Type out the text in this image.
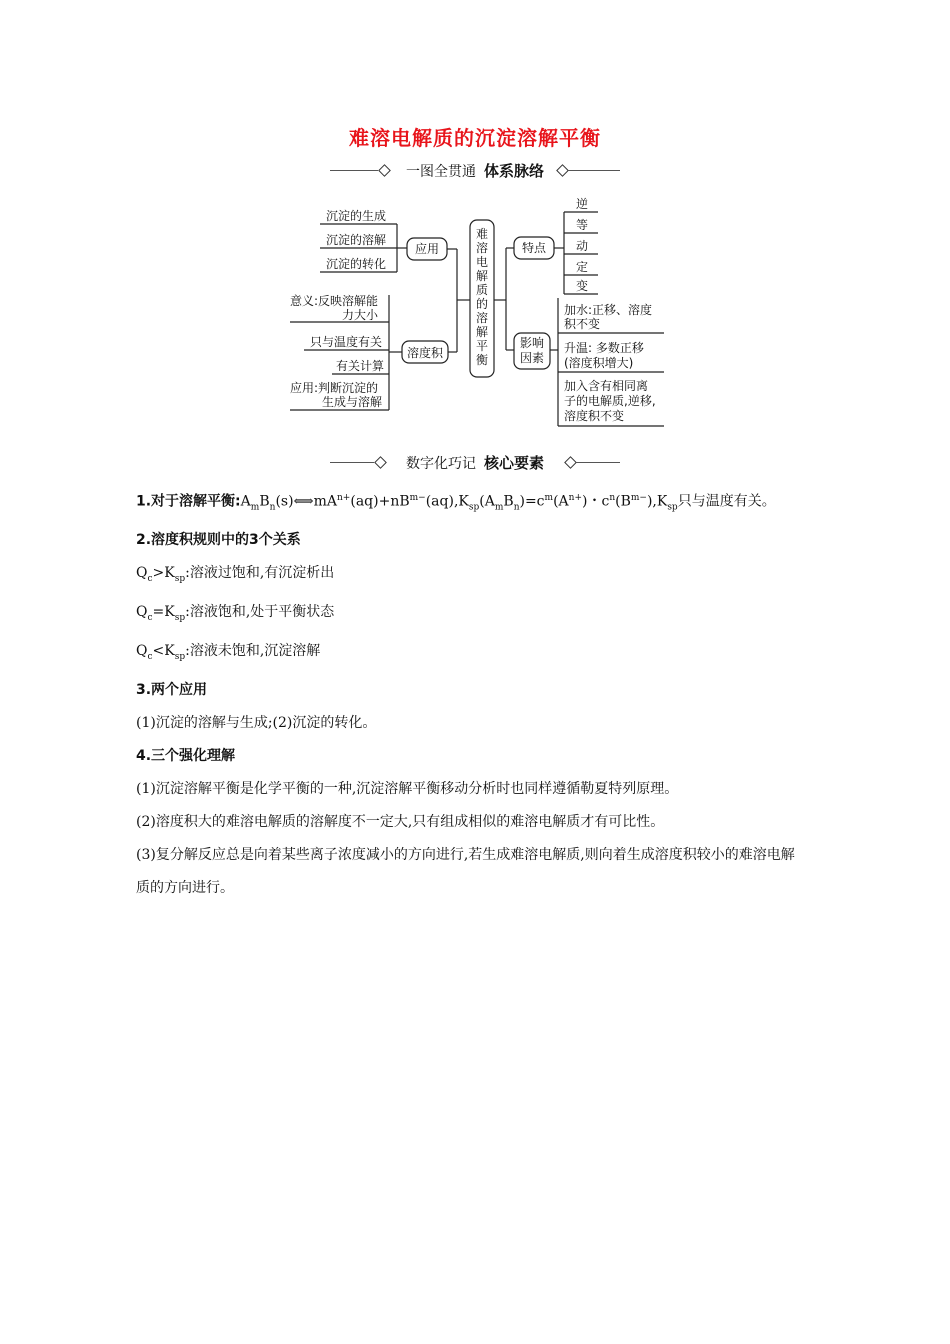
难溶电解质的沉淀溶解平衡
一图全贯通 体系脉络
沉淀的生成
沉淀的溶解
沉淀的转化
应用
意义:反映溶解能
力大小
只与温度有关
有关计算
应用:判断沉淀的
生成与溶解
溶度积
难
溶
电
解
质
的
溶
解
平
衡
特点
影响
因素
逆
等
动
定
变
加水:正移、溶度
积不变
升温: 多数正移
(溶度积增大)
加入含有相同离
子的电解质,逆移,
溶度积不变
数字化巧记 核心要素

1.对于溶解平衡$:A_mB_n(s)⟺mA^{n+}(aq)+nB^{m-}(aq),K_{sp}(A_mB_n)=c^m(A^{n+})$・$c^n(B^{m-}),K_{sp}$只与温度有关。

2.溶度积规则中的3个关系

$Q_c>K_{sp}$:溶液过饱和,有沉淀析出

$Q_c=K_{sp}$:溶液饱和,处于平衡状态

$Q_c<K_{sp}$:溶液未饱和,沉淀溶解

3.两个应用

(1)沉淀的溶解与生成;(2)沉淀的转化。

4.三个强化理解

(1)沉淀溶解平衡是化学平衡的一种,沉淀溶解平衡移动分析时也同样遵循勒夏特列原理。

(2)溶度积大的难溶电解质的溶解度不一定大,只有组成相似的难溶电解质才有可比性。

(3)复分解反应总是向着某些离子浓度减小的方向进行,若生成难溶电解质,则向着生成溶度积较小的难溶电解质的方向进行。
